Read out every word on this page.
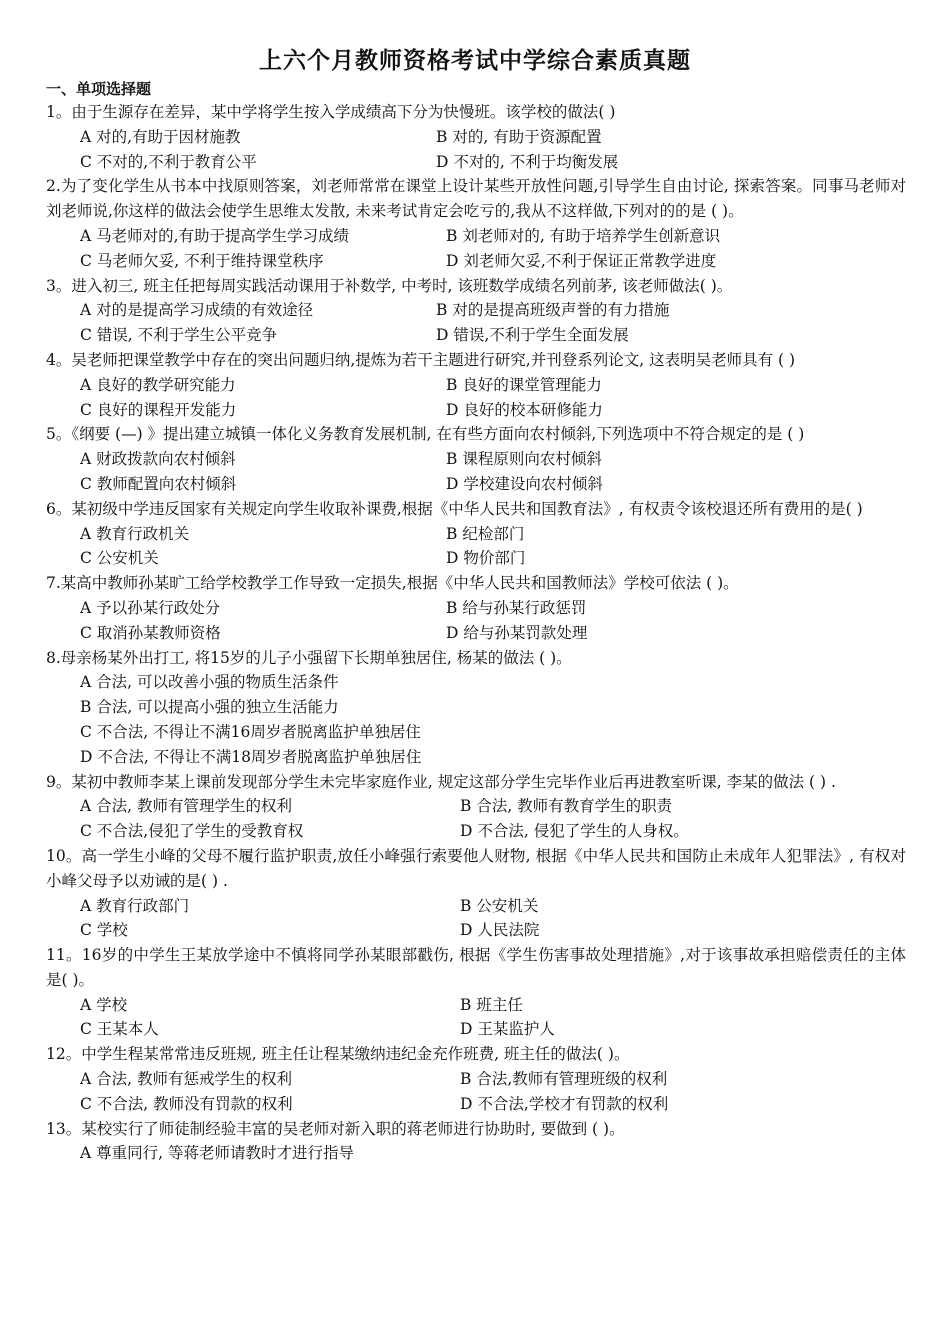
上六个月教师资格考试中学综合素质真题
一、单项选择题
1。由于生源存在差异，某中学将学生按入学成绩高下分为快慢班。该学校的做法( )
A 对的,有助于因材施教	B 对的, 有助于资源配置
C 不对的,不利于教育公平	D 不对的, 不利于均衡发展
2.为了变化学生从书本中找原则答案，刘老师常常在课堂上设计某些开放性问题,引导学生自由讨论, 探索答案。同事马老师对刘老师说,你这样的做法会使学生思维太发散, 未来考试肯定会吃亏的,我从不这样做,下列对的的是 ( )。
A 马老师对的,有助于提高学生学习成绩	B 刘老师对的, 有助于培养学生创新意识
C 马老师欠妥, 不利于维持课堂秩序	D 刘老师欠妥,不利于保证正常教学进度
3。进入初三, 班主任把每周实践活动课用于补数学, 中考时, 该班数学成绩名列前茅, 该老师做法( )。
A 对的是提高学习成绩的有效途径	B 对的是提高班级声誉的有力措施
C 错误, 不利于学生公平竞争	D 错误,不利于学生全面发展
4。吴老师把课堂教学中存在的突出问题归纳,提炼为若干主题进行研究,并刊登系列论文, 这表明吴老师具有 ( )
A 良好的教学研究能力	B 良好的课堂管理能力
C 良好的课程开发能力	D 良好的校本研修能力
5。《纲要 (—) 》提出建立城镇一体化义务教育发展机制, 在有些方面向农村倾斜,下列选项中不符合规定的是 ( )
A 财政拨款向农村倾斜	B 课程原则向农村倾斜
C 教师配置向农村倾斜	D 学校建设向农村倾斜
6。某初级中学违反国家有关规定向学生收取补课费,根据《中华人民共和国教育法》, 有权责令该校退还所有费用的是( )
A 教育行政机关	B 纪检部门
C 公安机关	D 物价部门
7.某高中教师孙某旷工给学校教学工作导致一定损失,根据《中华人民共和国教师法》学校可依法 ( )。
A 予以孙某行政处分	B 给与孙某行政惩罚
C 取消孙某教师资格	D 给与孙某罚款处理
8.母亲杨某外出打工, 将15岁的儿子小强留下长期单独居住, 杨某的做法 ( )。
A 合法, 可以改善小强的物质生活条件
B 合法, 可以提高小强的独立生活能力
C 不合法, 不得让不满16周岁者脱离监护单独居住
D 不合法, 不得让不满18周岁者脱离监护单独居住
9。某初中教师李某上课前发现部分学生未完毕家庭作业, 规定这部分学生完毕作业后再进教室听课, 李某的做法 ( ) .
A 合法, 教师有管理学生的权利	B 合法, 教师有教育学生的职责
C 不合法,侵犯了学生的受教育权	D 不合法, 侵犯了学生的人身权。
10。高一学生小峰的父母不履行监护职责,放任小峰强行索要他人财物, 根据《中华人民共和国防止未成年人犯罪法》, 有权对小峰父母予以劝诫的是( ) .
A 教育行政部门	B 公安机关
C 学校	D 人民法院
11。16岁的中学生王某放学途中不慎将同学孙某眼部戳伤, 根据《学生伤害事故处理措施》,对于该事故承担赔偿责任的主体是( )。
A 学校	B 班主任
C 王某本人	D 王某监护人
12。中学生程某常常违反班规, 班主任让程某缴纳违纪金充作班费, 班主任的做法( )。
A 合法, 教师有惩戒学生的权利	B 合法,教师有管理班级的权利
C 不合法, 教师没有罚款的权利	D 不合法,学校才有罚款的权利
13。某校实行了师徒制经验丰富的吴老师对新入职的蒋老师进行协助时, 要做到 ( )。
A 尊重同行, 等蒋老师请教时才进行指导
